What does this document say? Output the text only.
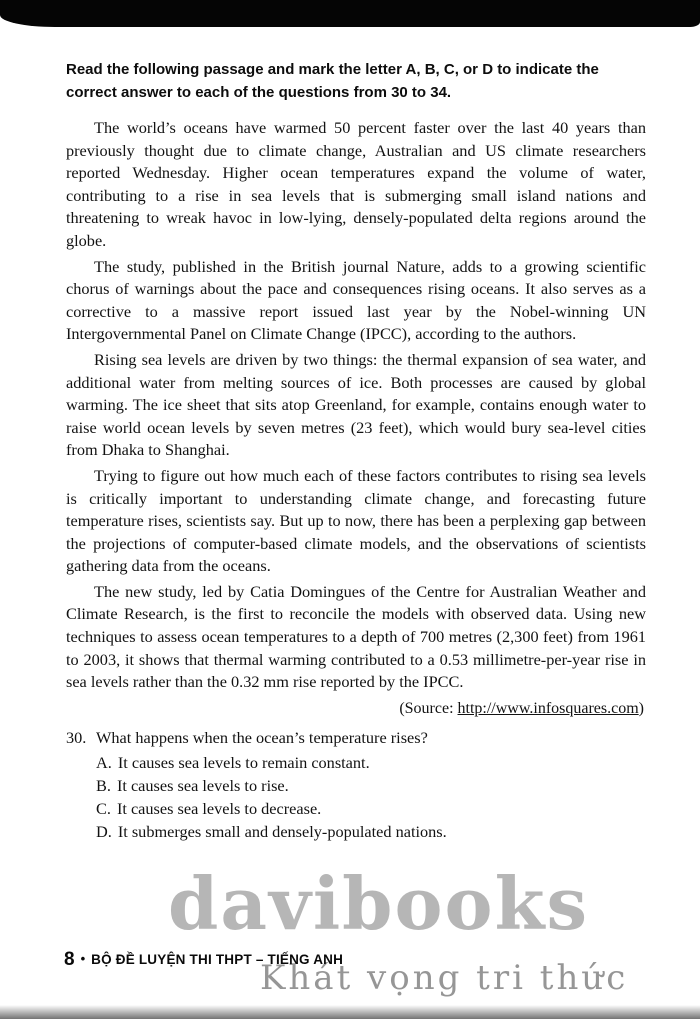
Read the following passage and mark the letter A, B, C, or D to indicate the correct answer to each of the questions from 30 to 34.

The world’s oceans have warmed 50 percent faster over the last 40 years than previously thought due to climate change, Australian and US climate researchers reported Wednesday. Higher ocean temperatures expand the volume of water, contributing to a rise in sea levels that is submerging small island nations and threatening to wreak havoc in low-lying, densely-populated delta regions around the globe.

The study, published in the British journal Nature, adds to a growing scientific chorus of warnings about the pace and consequences rising oceans. It also serves as a corrective to a massive report issued last year by the Nobel-winning UN Intergovernmental Panel on Climate Change (IPCC), according to the authors.

Rising sea levels are driven by two things: the thermal expansion of sea water, and additional water from melting sources of ice. Both processes are caused by global warming. The ice sheet that sits atop Greenland, for example, contains enough water to raise world ocean levels by seven metres (23 feet), which would bury sea-level cities from Dhaka to Shanghai.

Trying to figure out how much each of these factors contributes to rising sea levels is critically important to understanding climate change, and forecasting future temperature rises, scientists say. But up to now, there has been a perplexing gap between the projections of computer-based climate models, and the observations of scientists gathering data from the oceans.

The new study, led by Catia Domingues of the Centre for Australian Weather and Climate Research, is the first to reconcile the models with observed data. Using new techniques to assess ocean temperatures to a depth of 700 metres (2,300 feet) from 1961 to 2003, it shows that thermal warming contributed to a 0.53 millimetre-per-year rise in sea levels rather than the 0.32 mm rise reported by the IPCC.

(Source: http://www.infosquares.com)
30. What happens when the ocean’s temperature rises?
A. It causes sea levels to remain constant.
B. It causes sea levels to rise.
C. It causes sea levels to decrease.
D. It submerges small and densely-populated nations.
davibooks
Khát vọng tri thức
8 • BỘ ĐỀ LUYỆN THI THPT – TIẾNG ANH
